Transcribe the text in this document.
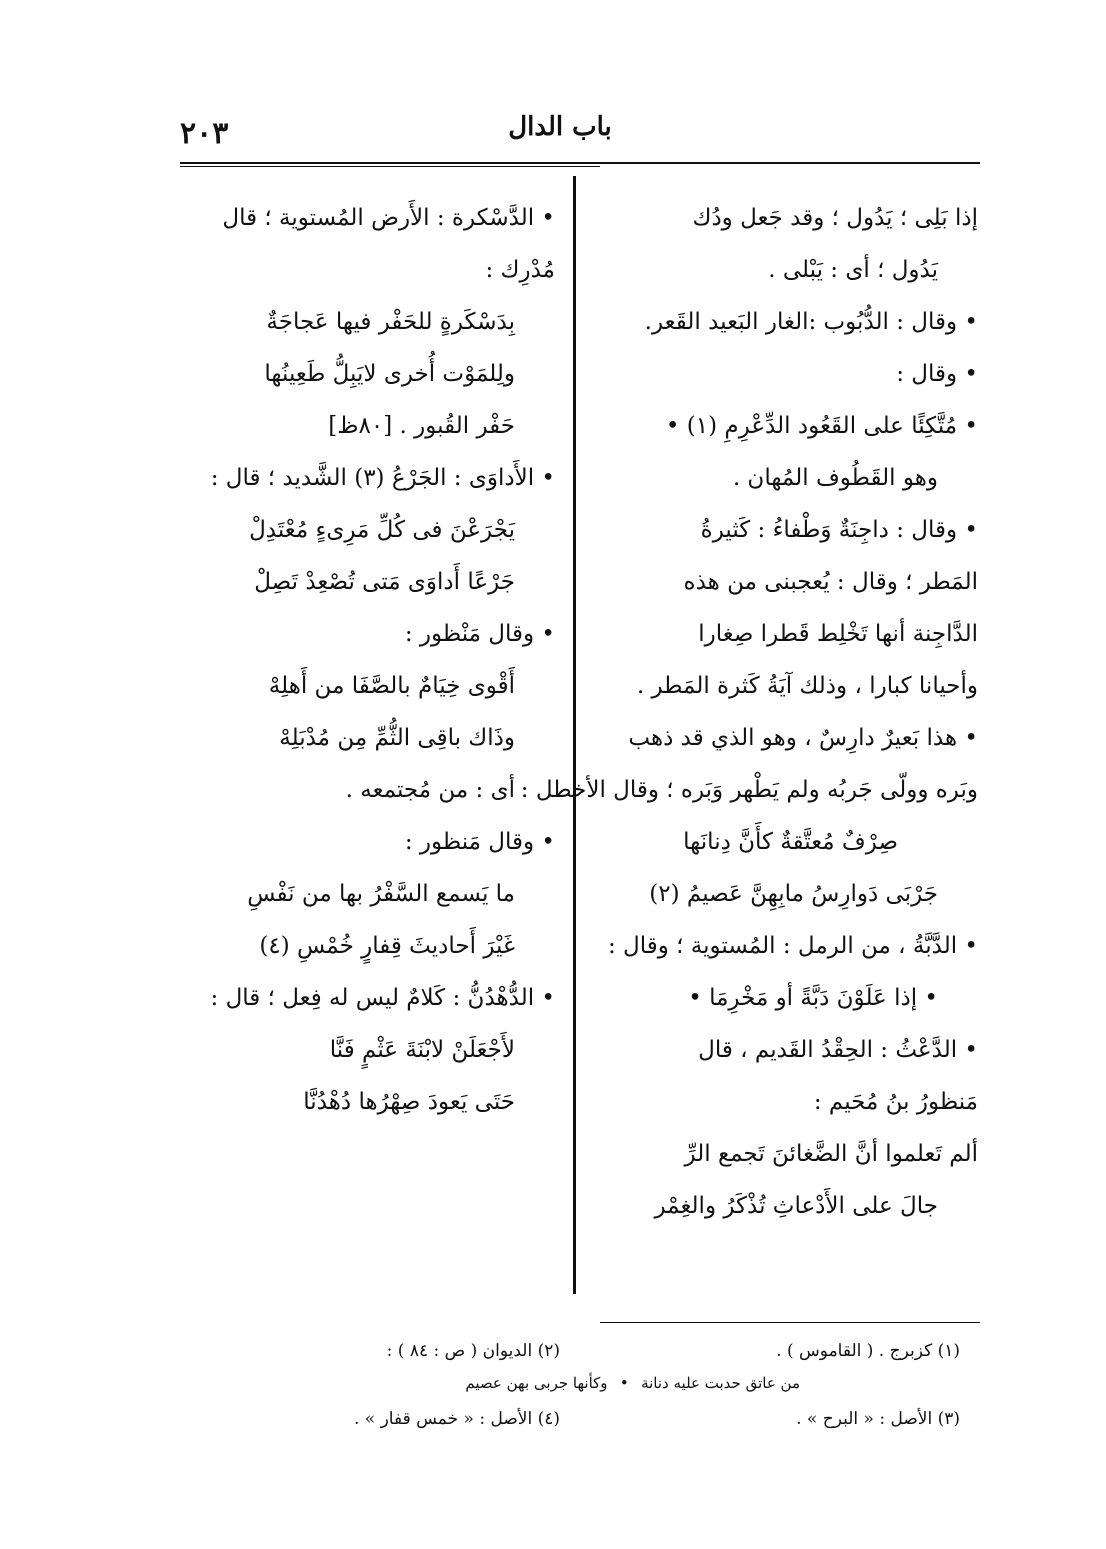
باب الدال
٢٠٣
إذا بَلِى ؛ يَدُول ؛ وقد جَعل ودُك
يَدُول ؛ أى : يَبْلى .
• وقال : الدُّبُوب :الغار البَعيد القَعر.
• وقال :
• مُتَّكِئًا على القَعُود الدِّعْرِمِ (١) •
وهو القَطُوف المُهان .
• وقال : داجِنَةٌ وَطْفاءُ : كَثيرةُ
المَطر ؛ وقال : يُعجبنى من هذه
الدَّاجِنة أنها تَخْلِط قَطرا صِغارا
وأحيانا كبارا ، وذلك آيَةُ كَثرة المَطر .
• هذا بَعيرٌ دارِسٌ ، وهو الذي قد ذهب
وبَره وولّى جَربُه ولم يَطْهر وَبَره ؛ وقال الأخطل :
صِرْفٌ مُعتَّقةٌ كأَنَّ دِنانَها
جَرْبَى دَوارِسُ مابِهِنَّ عَصيمُ (٢)
• الدَّبَّةُ ، من الرمل : المُستوية ؛ وقال :
• إذا عَلَوْنَ دَبَّةً أو مَخْرِمَا •
• الدَّعْثُ : الحِقْدُ القَديم ، قال
مَنظورُ بنُ مُحَيم :
ألم تَعلموا أنَّ الضَّغائنَ تَجمع الرِّ
جالَ على الأَدْعاثِ تُذْكَرُ والغِمْر
• الدَّسْكرة : الأَرض المُستوية ؛ قال
مُدْرِك :
بِدَسْكَرةٍ للحَفْر فيها عَجاجَةٌ
ولِلمَوْت أُخرى لايَبِلُّ طَعِينُها
حَفْر القُبور . [٨٠ظ]
• الأَداوَى : الجَرْعُ (٣) الشَّديد ؛ قال :
يَجْرَعْنَ فى كُلِّ مَرِىءٍ مُعْتَدِلْ
جَرْعًا أَداوَى مَتى تُصْعِدْ تَصِلْ
• وقال مَنْظور :
أَقْوى خِيَامٌ بالصَّفَا من أَهلِهْ
وذَاك باقِى الثُّمِّ مِن مُدْبَلِهْ
أى : من مُجتمعه .
• وقال مَنظور :
ما يَسمع السَّفْرُ بها من نَفْسِ
غَيْرَ أَحاديثَ قِفارٍ خُمْسِ (٤)
• الدُّهْدُنُّ : كَلامٌ ليس له فِعل ؛ قال :
لأَجْعَلَنْ لابْنَةَ عَثْمٍ فَنَّا
حَتَى يَعودَ صِهْرُها دُهْدُنَّا
(١) كزبرج . ( القاموس ) .
(٣) الأصل : « البرح » .
من عاتق حدبت عليه دنانة • وكأنها جربى بهن عصيم
(٢) الديوان ( ص : ٨٤ ) :
(٤) الأصل : « خمس قفار » .
